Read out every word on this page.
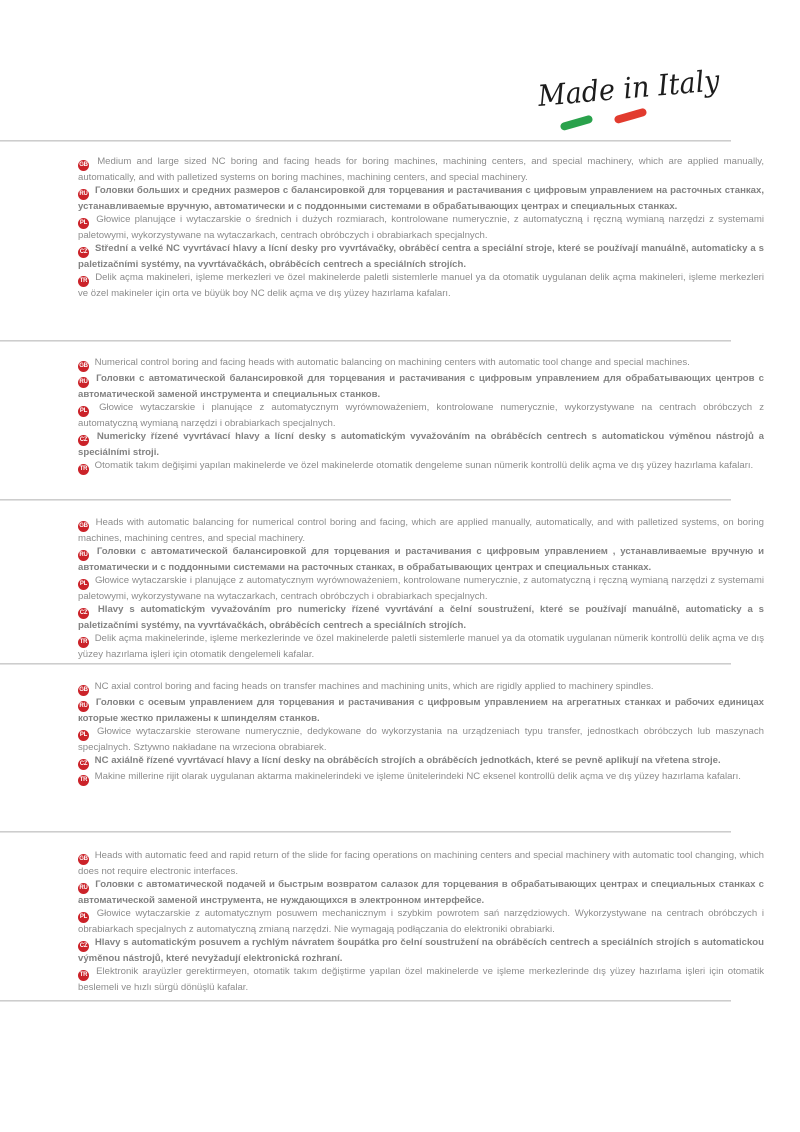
Made in Italy

GB Medium and large sized NC boring and facing heads for boring machines, machining centers, and special machinery, which are applied manually, automatically, and with palletized systems on boring machines, machining centers, and special machinery.

RU Головки больших и средних размеров с балансировкой для торцевания и растачивания с цифровым управлением на расточных станках, устанавливаемые вручную, автоматически и с поддонными системами в обрабатывающих центрах и специальных станках.

PL Głowice planujące i wytaczarskie o średnich i dużych rozmiarach, kontrolowane numerycznie, z automatyczną i ręczną wymianą narzędzi z systemami paletowymi, wykorzystywane na wytaczarkach, centrach obróbczych i obrabiarkach specjalnych.

CZ Střední a velké NC vyvrtávací hlavy a lícní desky pro vyvrtávačky, obráběcí centra a speciální stroje, které se používají manuálně, automaticky a s paletizačními systémy, na vyvrtávačkách, obráběcích centrech a speciálních strojích.

TR Delik açma makineleri, işleme merkezleri ve özel makinelerde paletli sistemlerle manuel ya da otomatik uygulanan delik açma makineleri, işleme merkezleri ve özel makineler için orta ve büyük boy NC delik açma ve dış yüzey hazırlama kafaları.

GB Numerical control boring and facing heads with automatic balancing on machining centers with automatic tool change and special machines.

RU Головки с автоматической балансировкой для торцевания и растачивания с цифровым управлением для обрабатывающих центров с автоматической заменой инструмента и специальных станков.

PL Głowice wytaczarskie i planujące z automatycznym wyrównoważeniem, kontrolowane numerycznie, wykorzystywane na centrach obróbczych z automatyczną wymianą narzędzi i obrabiarkach specjalnych.

CZ Numericky řízené vyvrtávací hlavy a lícní desky s automatickým vyvažováním na obráběcích centrech s automatickou výměnou nástrojů a speciálními stroji.

TR Otomatik takım değişimi yapılan makinelerde ve özel makinelerde otomatik dengeleme sunan nümerik kontrollü delik açma ve dış yüzey hazırlama kafaları.

GB Heads with automatic balancing for numerical control boring and facing, which are applied manually, automatically, and with palletized systems, on boring machines, machining centres, and special machinery.

RU Головки с автоматической балансировкой для торцевания и растачивания с цифровым управлением , устанавливаемые вручную и автоматически и с поддонными системами на расточных станках, в обрабатывающих центрах и специальных станках.

PL Głowice wytaczarskie i planujące z automatycznym wyrównoważeniem, kontrolowane numerycznie, z automatyczną i ręczną wymianą narzędzi z systemami paletowymi, wykorzystywane na wytaczarkach, centrach obróbczych i obrabiarkach specjalnych.

CZ Hlavy s automatickým vyvažováním pro numericky řízené vyvrtávání a čelní soustružení, které se používají manuálně, automaticky a s paletizačními systémy, na vyvrtávačkách, obráběcích centrech a speciálních strojích.

TR Delik açma makinelerinde, işleme merkezlerinde ve özel makinelerde paletli sistemlerle manuel ya da otomatik uygulanan nümerik kontrollü delik açma ve dış yüzey hazırlama işleri için otomatik dengelemeli kafalar.

GB NC axial control boring and facing heads on transfer machines and machining units, which are rigidly applied to machinery spindles.

RU Головки с осевым управлением для торцевания и растачивания с цифровым управлением на агрегатных станках и рабочих единицах которые жестко прилажены к шпинделям станков.

PL Głowice wytaczarskie sterowane numerycznie, dedykowane do wykorzystania na urządzeniach typu transfer, jednostkach obróbczych lub maszynach specjalnych. Sztywno nakładane na wrzeciona obrabiarek.

CZ NC axiálně řízené vyvrtávací hlavy a lícní desky na obráběcích strojích a obráběcích jednotkách, které se pevně aplikují na vřetena stroje.

TR Makine millerine rijit olarak uygulanan aktarma makinelerindeki ve işleme ünitelerindeki NC eksenel kontrollü delik açma ve dış yüzey hazırlama kafaları.

GB Heads with automatic feed and rapid return of the slide for facing operations on machining centers and special machinery with automatic tool changing, which does not require electronic interfaces.

RU Головки с автоматической подачей и быстрым возвратом салазок для торцевания в обрабатывающих центрах и специальных станках с автоматической заменой инструмента, не нуждающихся в электронном интерфейсе.

PL Głowice wytaczarskie z automatycznym posuwem mechanicznym i szybkim powrotem sań narzędziowych. Wykorzystywane na centrach obróbczych i obrabiarkach specjalnych z automatyczną zmianą narzędzi. Nie wymagają podłączania do elektroniki obrabiarki.

CZ Hlavy s automatickým posuvem a rychlým návratem šoupátka pro čelní soustružení na obráběcích centrech a speciálních strojích s automatickou výměnou nástrojů, které nevyžadují elektronická rozhraní.

TR Elektronik arayüzler gerektirmeyen, otomatik takım değiştirme yapılan özel makinelerde ve işleme merkezlerinde dış yüzey hazırlama işleri için otomatik beslemeli ve hızlı sürgü dönüşlü kafalar.
